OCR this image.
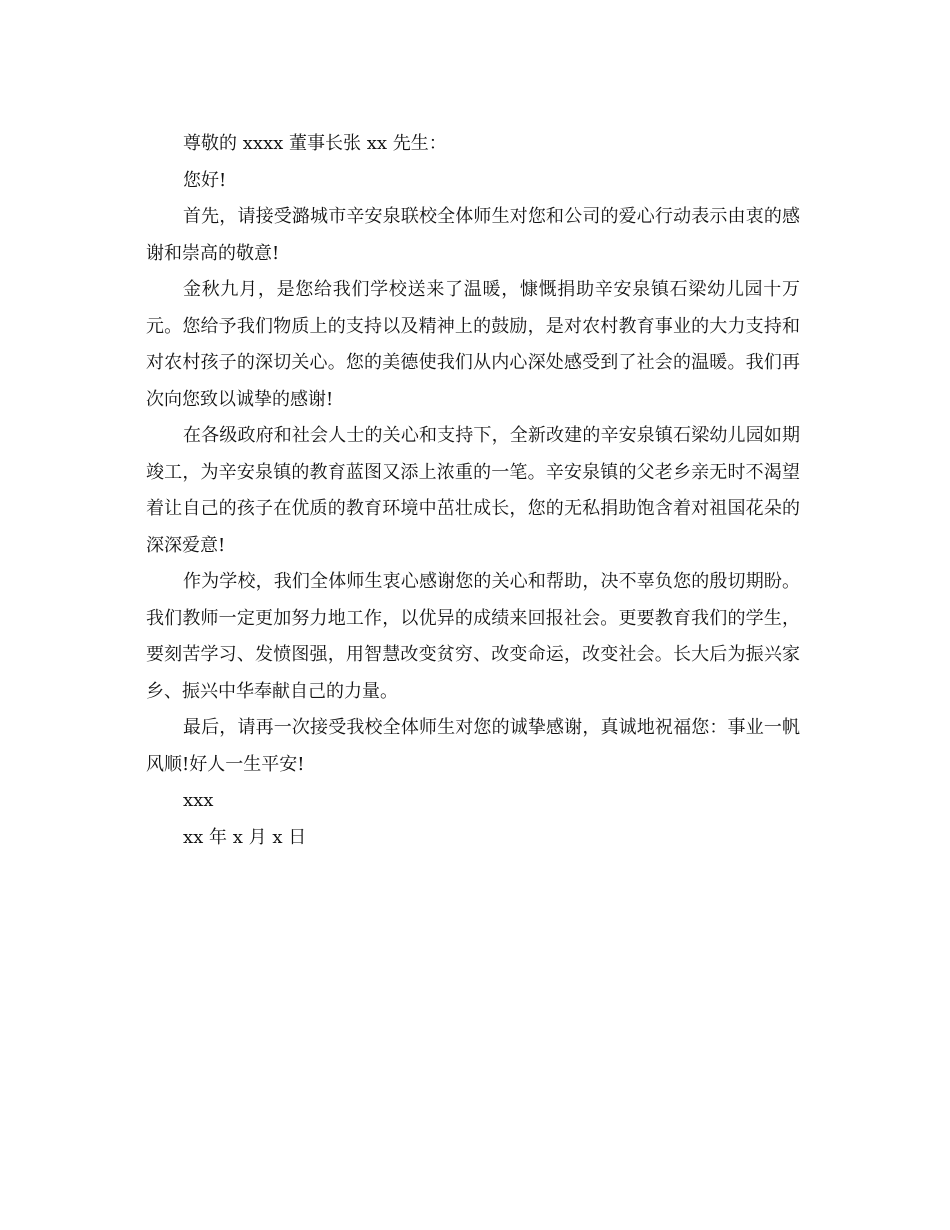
尊敬的 xxxx 董事长张 xx 先生：

您好!

首先，请接受潞城市辛安泉联校全体师生对您和公司的爱心行动表示由衷的感谢和崇高的敬意!

金秋九月，是您给我们学校送来了温暖，慷慨捐助辛安泉镇石梁幼儿园十万元。您给予我们物质上的支持以及精神上的鼓励，是对农村教育事业的大力支持和对农村孩子的深切关心。您的美德使我们从内心深处感受到了社会的温暖。我们再次向您致以诚挚的感谢!

在各级政府和社会人士的关心和支持下，全新改建的辛安泉镇石梁幼儿园如期竣工，为辛安泉镇的教育蓝图又添上浓重的一笔。辛安泉镇的父老乡亲无时不渴望着让自己的孩子在优质的教育环境中茁壮成长，您的无私捐助饱含着对祖国花朵的深深爱意!

作为学校，我们全体师生衷心感谢您的关心和帮助，决不辜负您的殷切期盼。我们教师一定更加努力地工作，以优异的成绩来回报社会。更要教育我们的学生，要刻苦学习、发愤图强，用智慧改变贫穷、改变命运，改变社会。长大后为振兴家乡、振兴中华奉献自己的力量。

最后，请再一次接受我校全体师生对您的诚挚感谢，真诚地祝福您：事业一帆风顺!好人一生平安!

xxx

xx 年 x 月 x 日
